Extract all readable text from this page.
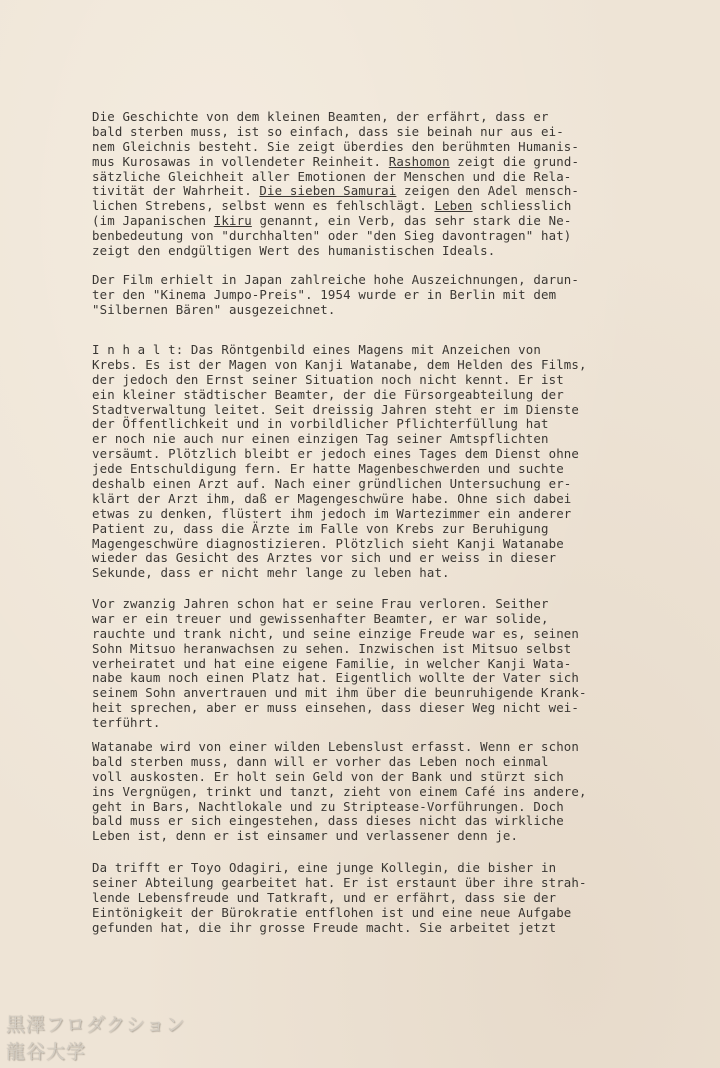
Die Geschichte von dem kleinen Beamten, der erfährt, dass er
bald sterben muss, ist so einfach, dass sie beinah nur aus ei-
nem Gleichnis besteht. Sie zeigt überdies den berühmten Humanis-
mus Kurosawas in vollendeter Reinheit. Rashomon zeigt die grund-
sätzliche Gleichheit aller Emotionen der Menschen und die Rela-
tivität der Wahrheit. Die sieben Samurai zeigen den Adel mensch-
lichen Strebens, selbst wenn es fehlschlägt. Leben schliesslich
(im Japanischen Ikiru genannt, ein Verb, das sehr stark die Ne-
benbedeutung von "durchhalten" oder "den Sieg davontragen" hat)
zeigt den endgültigen Wert des humanistischen Ideals.

Der Film erhielt in Japan zahlreiche hohe Auszeichnungen, darun-
ter den "Kinema Jumpo-Preis". 1954 wurde er in Berlin mit dem
"Silbernen Bären" ausgezeichnet.

I n h a l t: Das Röntgenbild eines Magens mit Anzeichen von
Krebs. Es ist der Magen von Kanji Watanabe, dem Helden des Films,
der jedoch den Ernst seiner Situation noch nicht kennt. Er ist
ein kleiner städtischer Beamter, der die Fürsorgeabteilung der
Stadtverwaltung leitet. Seit dreissig Jahren steht er im Dienste
der Öffentlichkeit und in vorbildlicher Pflichterfüllung hat
er noch nie auch nur einen einzigen Tag seiner Amtspflichten
versäumt. Plötzlich bleibt er jedoch eines Tages dem Dienst ohne
jede Entschuldigung fern. Er hatte Magenbeschwerden und suchte
deshalb einen Arzt auf. Nach einer gründlichen Untersuchung er-
klärt der Arzt ihm, daß er Magengeschwüre habe. Ohne sich dabei
etwas zu denken, flüstert ihm jedoch im Wartezimmer ein anderer
Patient zu, dass die Ärzte im Falle von Krebs zur Beruhigung
Magengeschwüre diagnostizieren. Plötzlich sieht Kanji Watanabe
wieder das Gesicht des Arztes vor sich und er weiss in dieser
Sekunde, dass er nicht mehr lange zu leben hat.

Vor zwanzig Jahren schon hat er seine Frau verloren. Seither
war er ein treuer und gewissenhafter Beamter, er war solide,
rauchte und trank nicht, und seine einzige Freude war es, seinen
Sohn Mitsuo heranwachsen zu sehen. Inzwischen ist Mitsuo selbst
verheiratet und hat eine eigene Familie, in welcher Kanji Wata-
nabe kaum noch einen Platz hat. Eigentlich wollte der Vater sich
seinem Sohn anvertrauen und mit ihm über die beunruhigende Krank-
heit sprechen, aber er muss einsehen, dass dieser Weg nicht wei-
terführt.

Watanabe wird von einer wilden Lebenslust erfasst. Wenn er schon
bald sterben muss, dann will er vorher das Leben noch einmal
voll auskosten. Er holt sein Geld von der Bank und stürzt sich
ins Vergnügen, trinkt und tanzt, zieht von einem Café ins andere,
geht in Bars, Nachtlokale und zu Striptease-Vorführungen. Doch
bald muss er sich eingestehen, dass dieses nicht das wirkliche
Leben ist, denn er ist einsamer und verlassener denn je.

Da trifft er Toyo Odagiri, eine junge Kollegin, die bisher in
seiner Abteilung gearbeitet hat. Er ist erstaunt über ihre strah-
lende Lebensfreude und Tatkraft, und er erfährt, dass sie der
Eintönigkeit der Bürokratie entflohen ist und eine neue Aufgabe
gefunden hat, die ihr grosse Freude macht. Sie arbeitet jetzt

黒澤フロダクション
龍谷大学
